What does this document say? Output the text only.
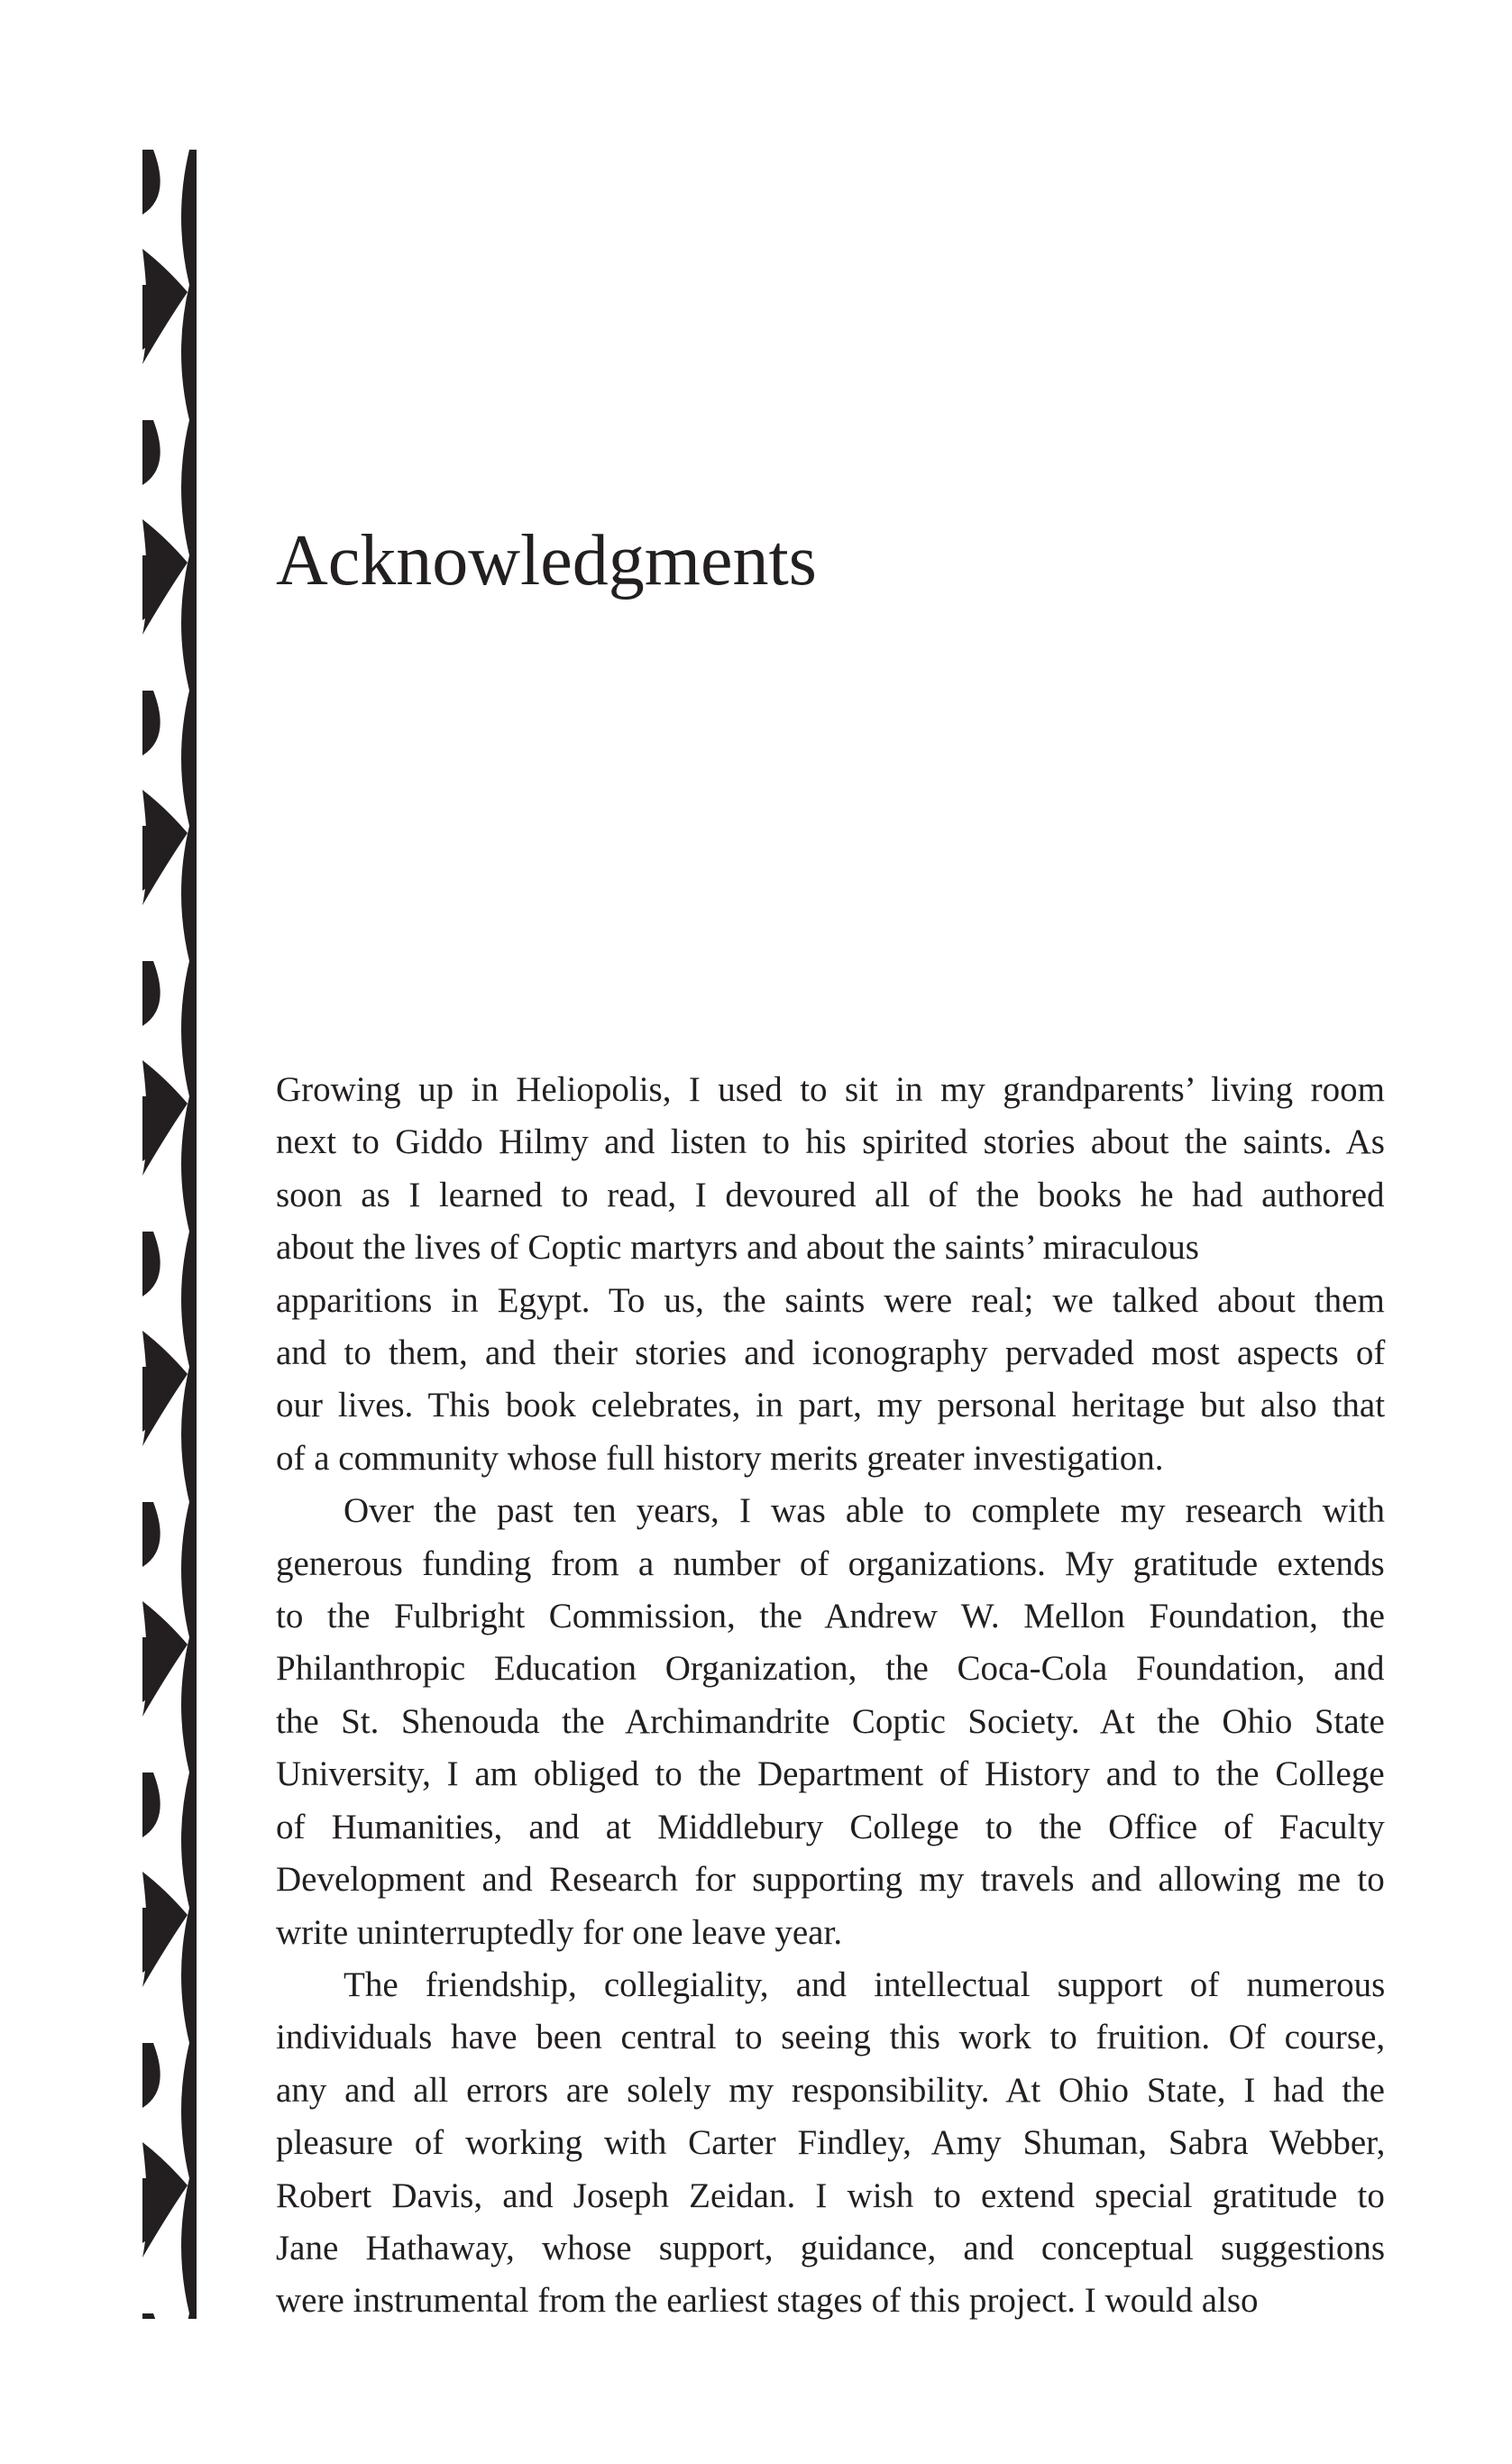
Acknowledgments

Growing up in Heliopolis, I used to sit in my grandparents’ living room
next to Giddo Hilmy and listen to his spirited stories about the saints. As
soon as I learned to read, I devoured all of the books he had authored
about the lives of Coptic martyrs and about the saints’ miraculous
apparitions in Egypt. To us, the saints were real; we talked about them
and to them, and their stories and iconography pervaded most aspects of
our lives. This book celebrates, in part, my personal heritage but also that
of a community whose full history merits greater investigation.

Over the past ten years, I was able to complete my research with
generous funding from a number of organizations. My gratitude extends
to the Fulbright Commission, the Andrew W. Mellon Foundation, the
Philanthropic Education Organization, the Coca-Cola Foundation, and
the St. Shenouda the Archimandrite Coptic Society. At the Ohio State
University, I am obliged to the Department of History and to the College
of Humanities, and at Middlebury College to the Office of Faculty
Development and Research for supporting my travels and allowing me to
write uninterruptedly for one leave year.

The friendship, collegiality, and intellectual support of numerous
individuals have been central to seeing this work to fruition. Of course,
any and all errors are solely my responsibility. At Ohio State, I had the
pleasure of working with Carter Findley, Amy Shuman, Sabra Webber,
Robert Davis, and Joseph Zeidan. I wish to extend special gratitude to
Jane Hathaway, whose support, guidance, and conceptual suggestions
were instrumental from the earliest stages of this project. I would also
